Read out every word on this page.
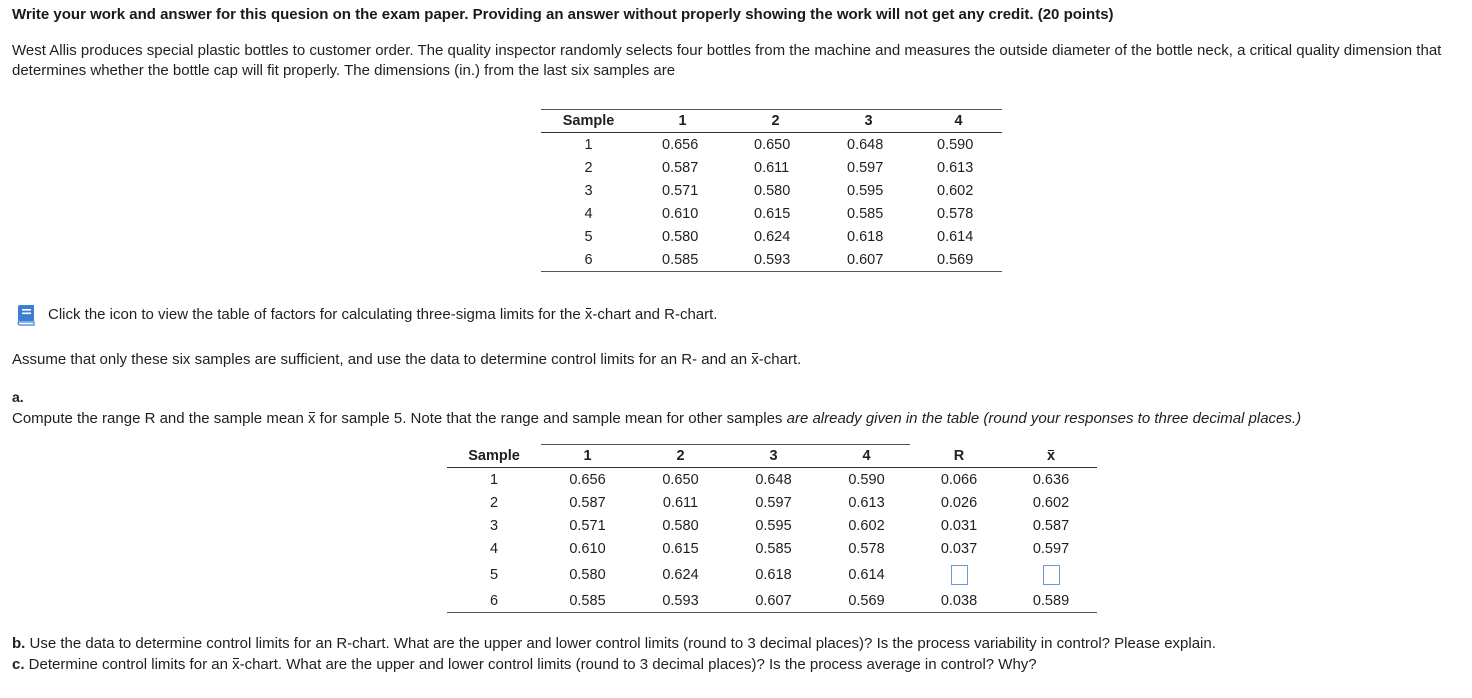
Write your work and answer for this quesion on the exam paper. Providing an answer without properly showing the work will not get any credit. (20 points)
West Allis produces special plastic bottles to customer order. The quality inspector randomly selects four bottles from the machine and measures the outside diameter of the bottle neck, a critical quality dimension that determines whether the bottle cap will fit properly. The dimensions (in.) from the last six samples are
Sample	1	2	3	4
1	0.656	0.650	0.648	0.590
2	0.587	0.611	0.597	0.613
3	0.571	0.580	0.595	0.602
4	0.610	0.615	0.585	0.578
5	0.580	0.624	0.618	0.614
6	0.585	0.593	0.607	0.569
Click the icon to view the table of factors for calculating three-sigma limits for the x-chart and R-chart.
Assume that only these six samples are sufficient, and use the data to determine control limits for an R- and an x-chart.
a.
Compute the range R and the sample mean x for sample 5. Note that the range and sample mean for other samples are already given in the table (round your responses to three decimal places.)
Sample	1	2	3	4	R	x
1	0.656	0.650	0.648	0.590	0.066	0.636
2	0.587	0.611	0.597	0.613	0.026	0.602
3	0.571	0.580	0.595	0.602	0.031	0.587
4	0.610	0.615	0.585	0.578	0.037	0.597
5	0.580	0.624	0.618	0.614		
6	0.585	0.593	0.607	0.569	0.038	0.589
b. Use the data to determine control limits for an R-chart. What are the upper and lower control limits (round to 3 decimal places)? Is the process variability in control? Please explain.
c. Determine control limits for an x-chart. What are the upper and lower control limits (round to 3 decimal places)? Is the process average in control? Why?
